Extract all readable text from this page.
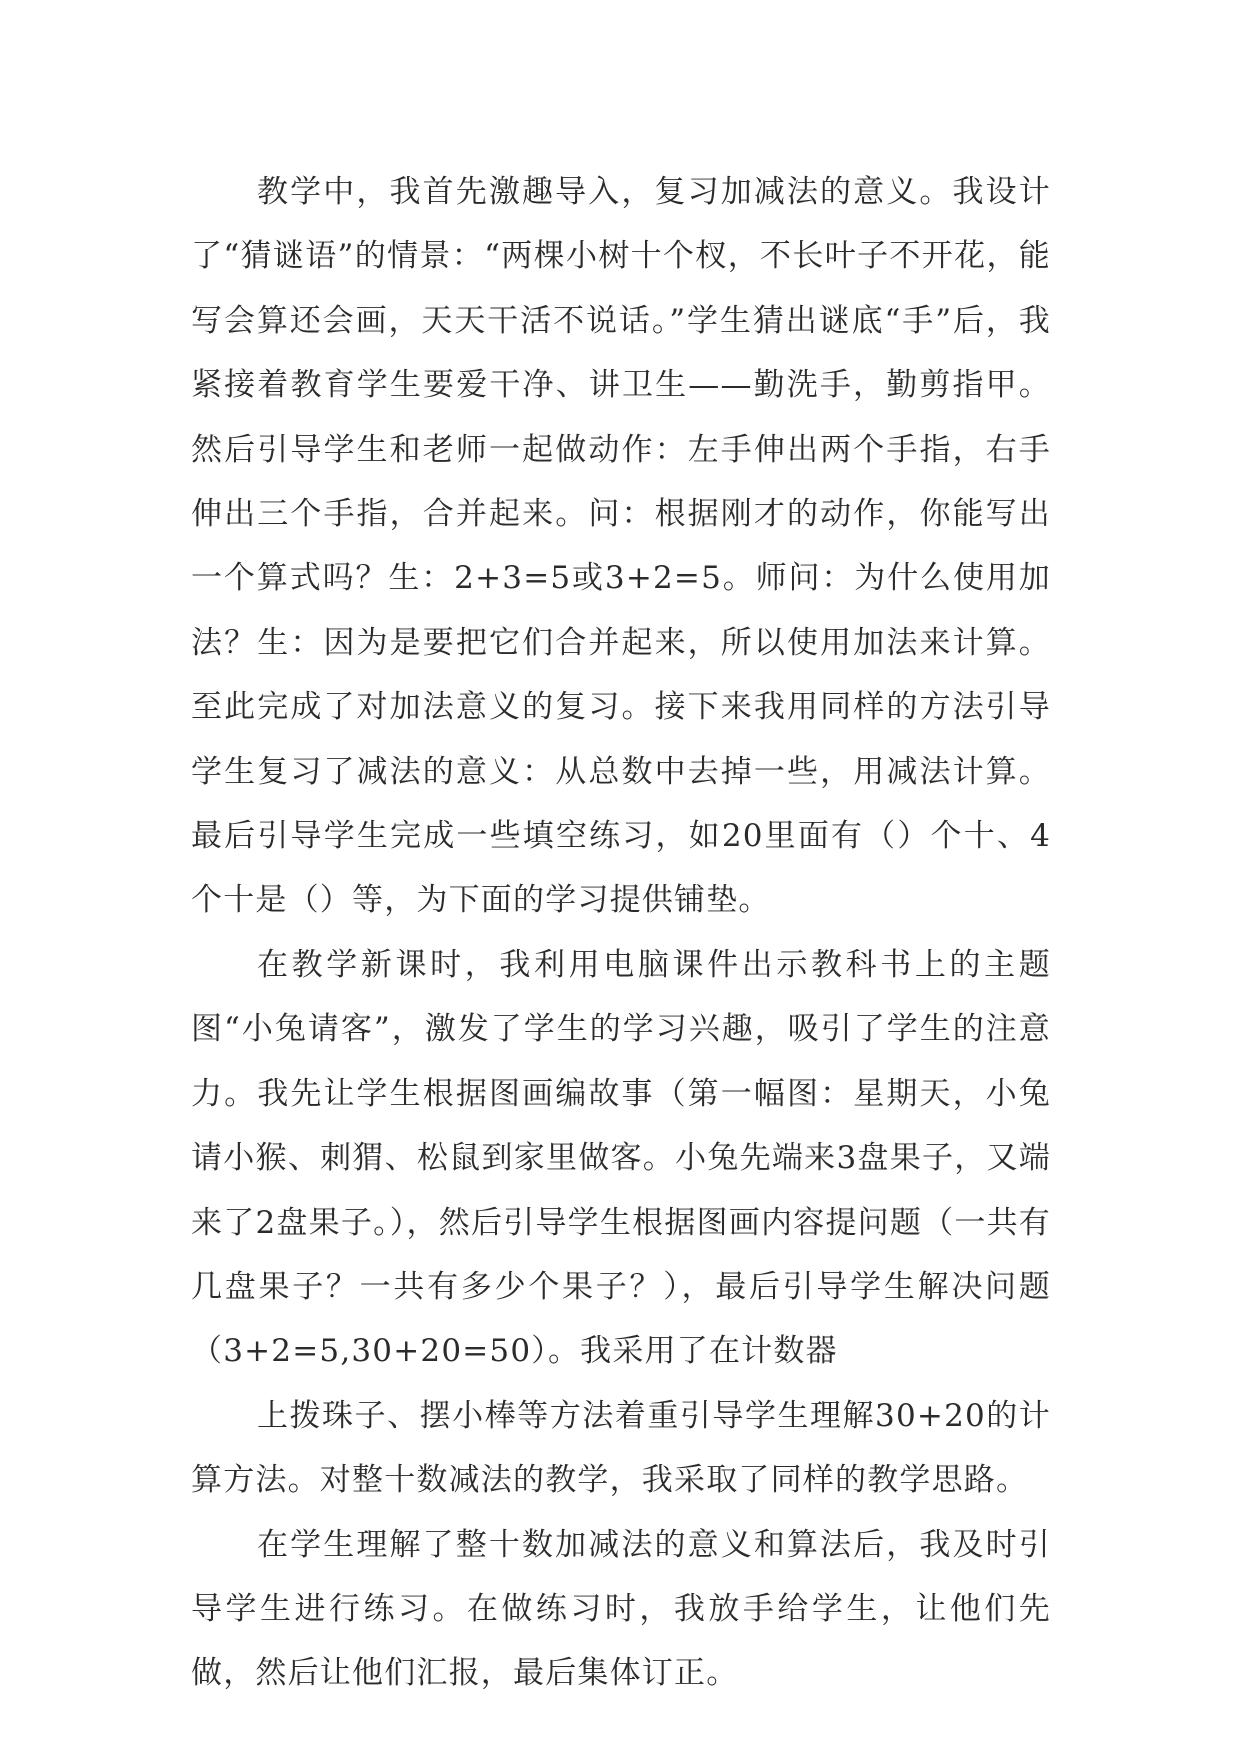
教学中，我首先激趣导入，复习加减法的意义。我设计了“猜谜语”的情景：“两棵小树十个杈，不长叶子不开花，能写会算还会画，天天干活不说话。”学生猜出谜底“手”后，我紧接着教育学生要爱干净、讲卫生——勤洗手，勤剪指甲。然后引导学生和老师一起做动作：左手伸出两个手指，右手伸出三个手指，合并起来。问：根据刚才的动作，你能写出一个算式吗？生：2+3=5或3+2=5。师问：为什么使用加法？生：因为是要把它们合并起来，所以使用加法来计算。至此完成了对加法意义的复习。接下来我用同样的方法引导学生复习了减法的意义：从总数中去掉一些，用减法计算。最后引导学生完成一些填空练习，如20里面有（）个十、4个十是（）等，为下面的学习提供铺垫。

在教学新课时，我利用电脑课件出示教科书上的主题图“小兔请客”，激发了学生的学习兴趣，吸引了学生的注意力。我先让学生根据图画编故事（第一幅图：星期天，小兔请小猴、刺猬、松鼠到家里做客。小兔先端来3盘果子，又端来了2盘果子。），然后引导学生根据图画内容提问题（一共有几盘果子？一共有多少个果子？），最后引导学生解决问题（3+2=5,30+20=50）。我采用了在计数器

上拨珠子、摆小棒等方法着重引导学生理解30+20的计算方法。对整十数减法的教学，我采取了同样的教学思路。

在学生理解了整十数加减法的意义和算法后，我及时引导学生进行练习。在做练习时，我放手给学生，让他们先做，然后让他们汇报，最后集体订正。
